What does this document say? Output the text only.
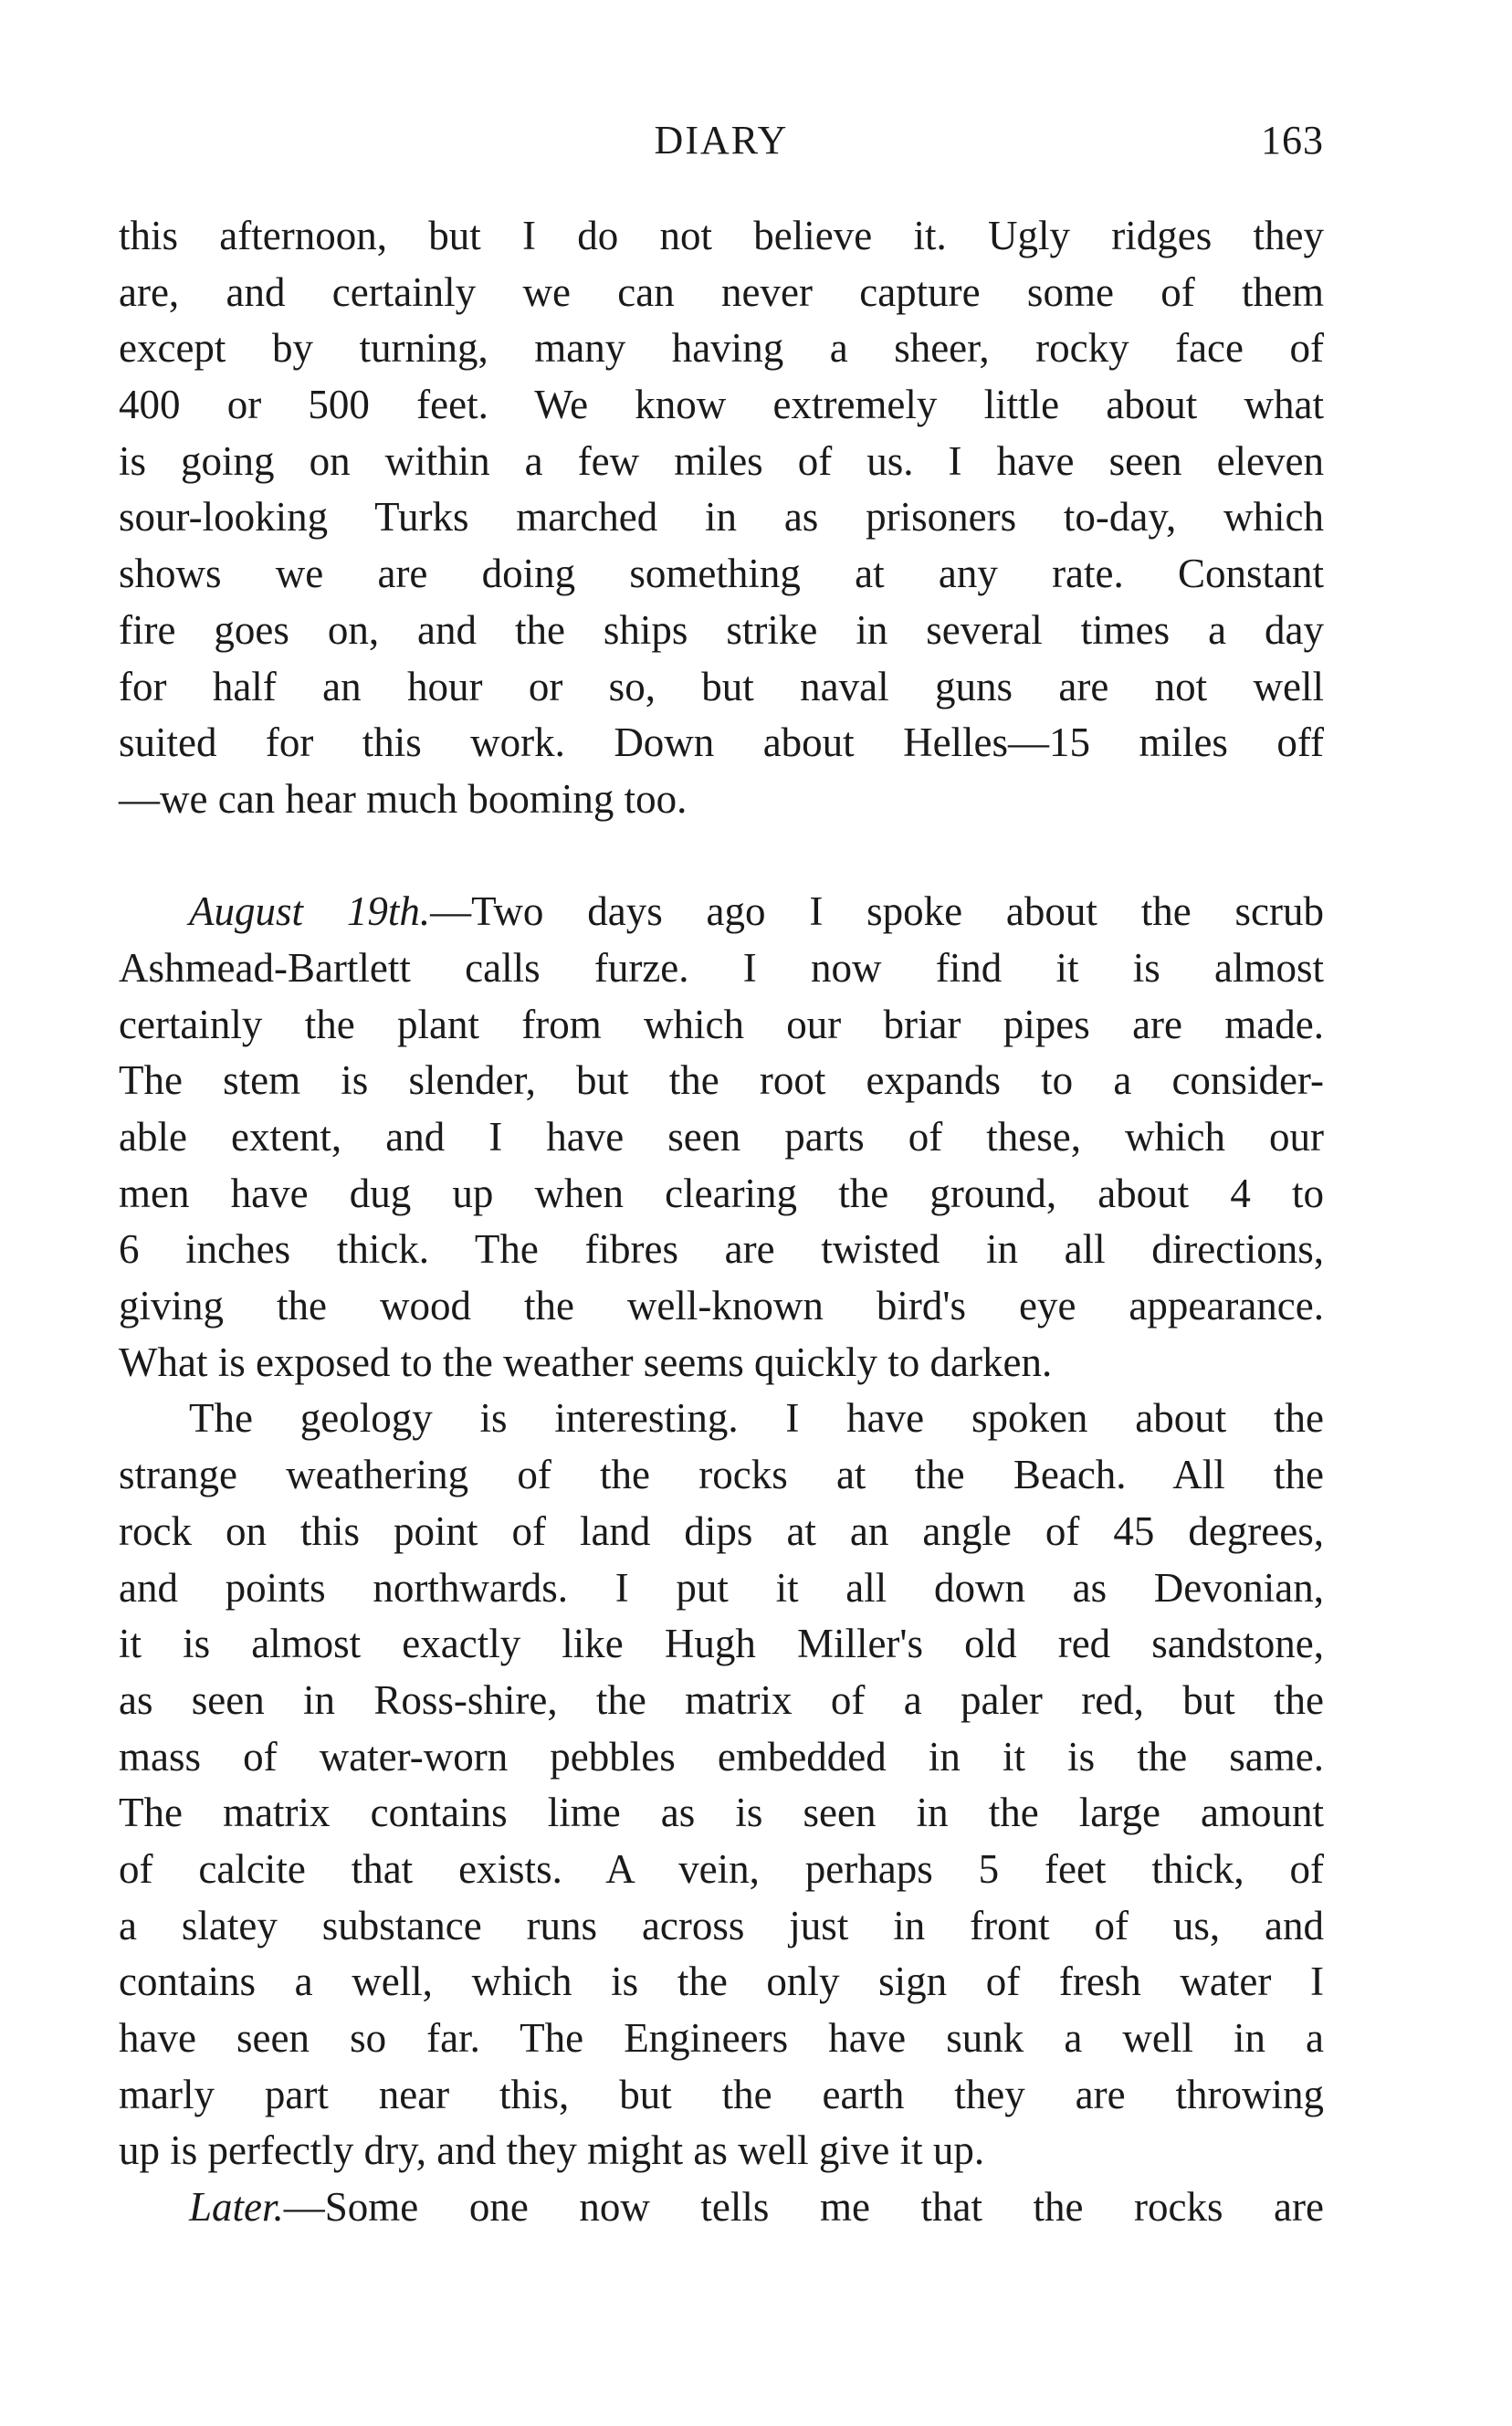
DIARY	163
this afternoon, but I do not believe it. Ugly ridges they
are, and certainly we can never capture some of them
except by turning, many having a sheer, rocky face of
400 or 500 feet. We know extremely little about what
is going on within a few miles of us. I have seen eleven
sour-looking Turks marched in as prisoners to-day, which
shows we are doing something at any rate. Constant
fire goes on, and the ships strike in several times a day
for half an hour or so, but naval guns are not well
suited for this work. Down about Helles—15 miles off
—we can hear much booming too.
August 19th.—Two days ago I spoke about the scrub
Ashmead-Bartlett calls furze. I now find it is almost
certainly the plant from which our briar pipes are made.
The stem is slender, but the root expands to a consider-
able extent, and I have seen parts of these, which our
men have dug up when clearing the ground, about 4 to
6 inches thick. The fibres are twisted in all directions,
giving the wood the well-known bird's eye appearance.
What is exposed to the weather seems quickly to darken.
The geology is interesting. I have spoken about the
strange weathering of the rocks at the Beach. All the
rock on this point of land dips at an angle of 45 degrees,
and points northwards. I put it all down as Devonian,
it is almost exactly like Hugh Miller's old red sandstone,
as seen in Ross-shire, the matrix of a paler red, but the
mass of water-worn pebbles embedded in it is the same.
The matrix contains lime as is seen in the large amount
of calcite that exists. A vein, perhaps 5 feet thick, of
a slatey substance runs across just in front of us, and
contains a well, which is the only sign of fresh water I
have seen so far. The Engineers have sunk a well in a
marly part near this, but the earth they are throwing
up is perfectly dry, and they might as well give it up.
Later.—Some one now tells me that the rocks are
